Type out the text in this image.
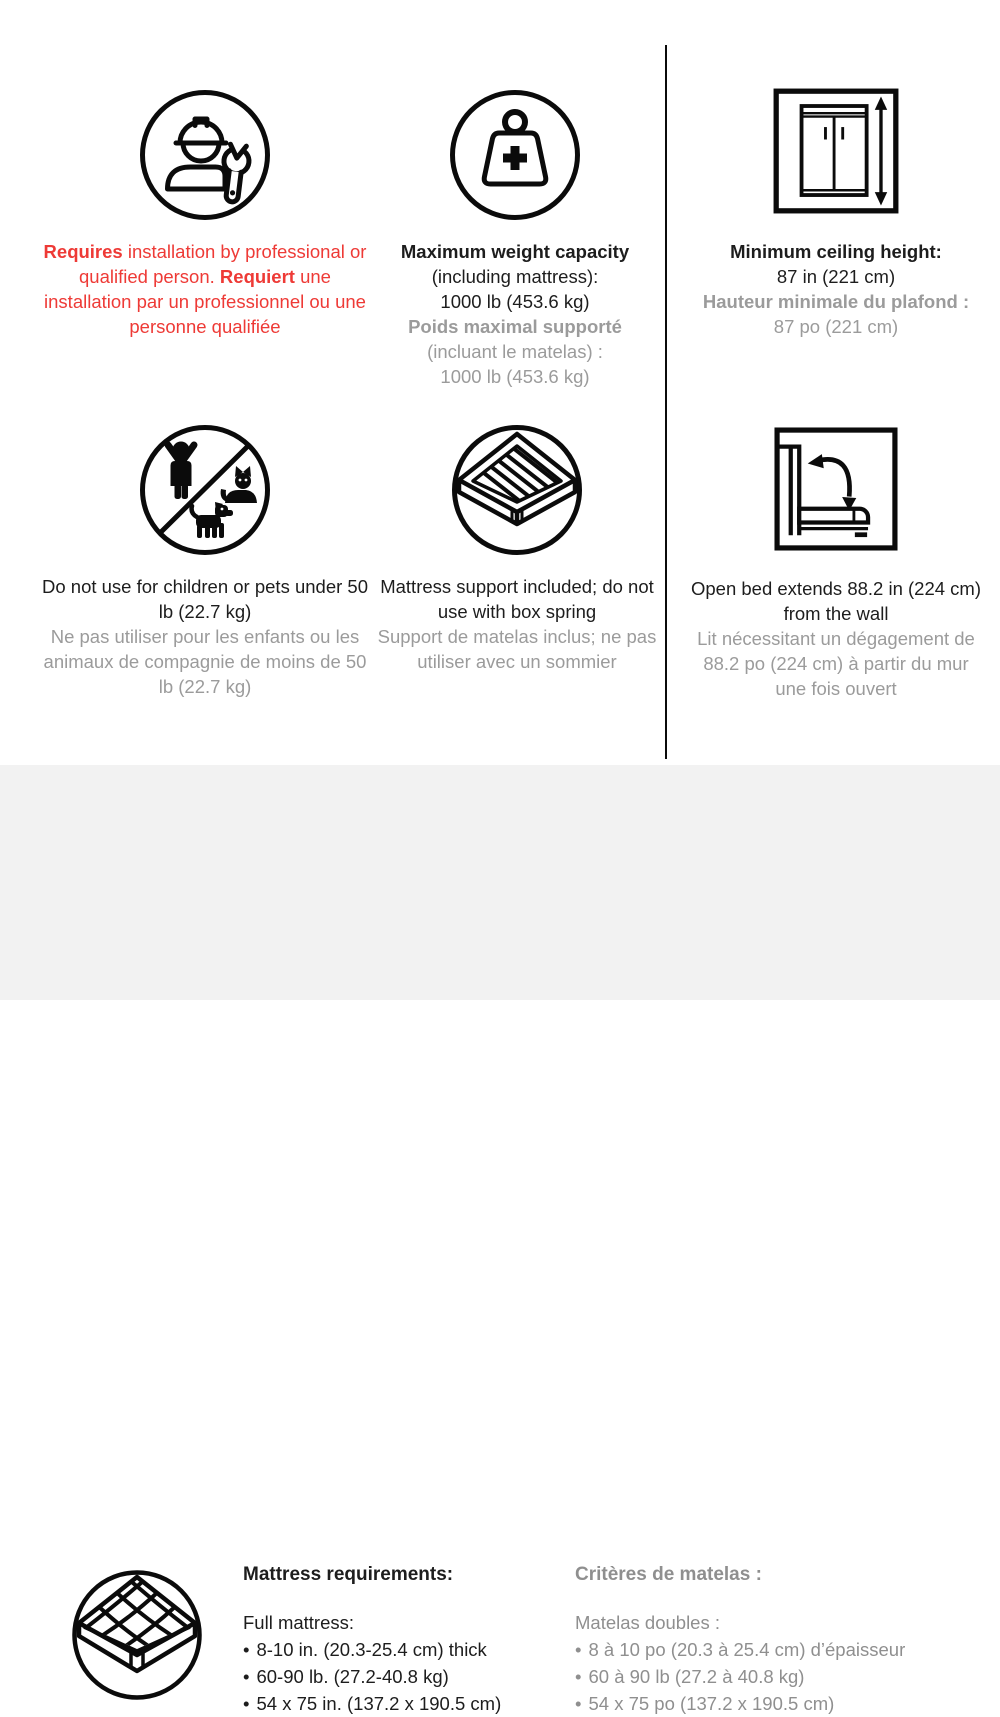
Requires installation by professional or qualified person. Requiert une installation par un professionnel ou une personne qualifiée

Maximum weight capacity
(including mattress):
1000 lb (453.6 kg)
Poids maximal supporté
(incluant le matelas) :
1000 lb (453.6 kg)
Minimum ceiling height:
87 in (221 cm)
Hauteur minimale du plafond :
87 po (221 cm)
Do not use for children or pets under 50 lb (22.7 kg)
Ne pas utiliser pour les enfants ou les animaux de compagnie de moins de 50 lb (22.7 kg)
Mattress support included; do not use with box spring
Support de matelas inclus; ne pas utiliser avec un sommier
Open bed extends 88.2 in (224 cm) from the wall
Lit nécessitant un dégagement de 88.2 po (224 cm) à partir du mur une fois ouvert
Mattress requirements:
Full mattress:
• 8-10 in. (20.3-25.4 cm) thick
• 60-90 lb. (27.2-40.8 kg)
• 54 x 75 in. (137.2 x 190.5 cm)
Critères de matelas :
Matelas doubles :
• 8 à 10 po (20.3 à 25.4 cm) d’épaisseur
• 60 à 90 lb (27.2 à 40.8 kg)
• 54 x 75 po (137.2 x 190.5 cm)
